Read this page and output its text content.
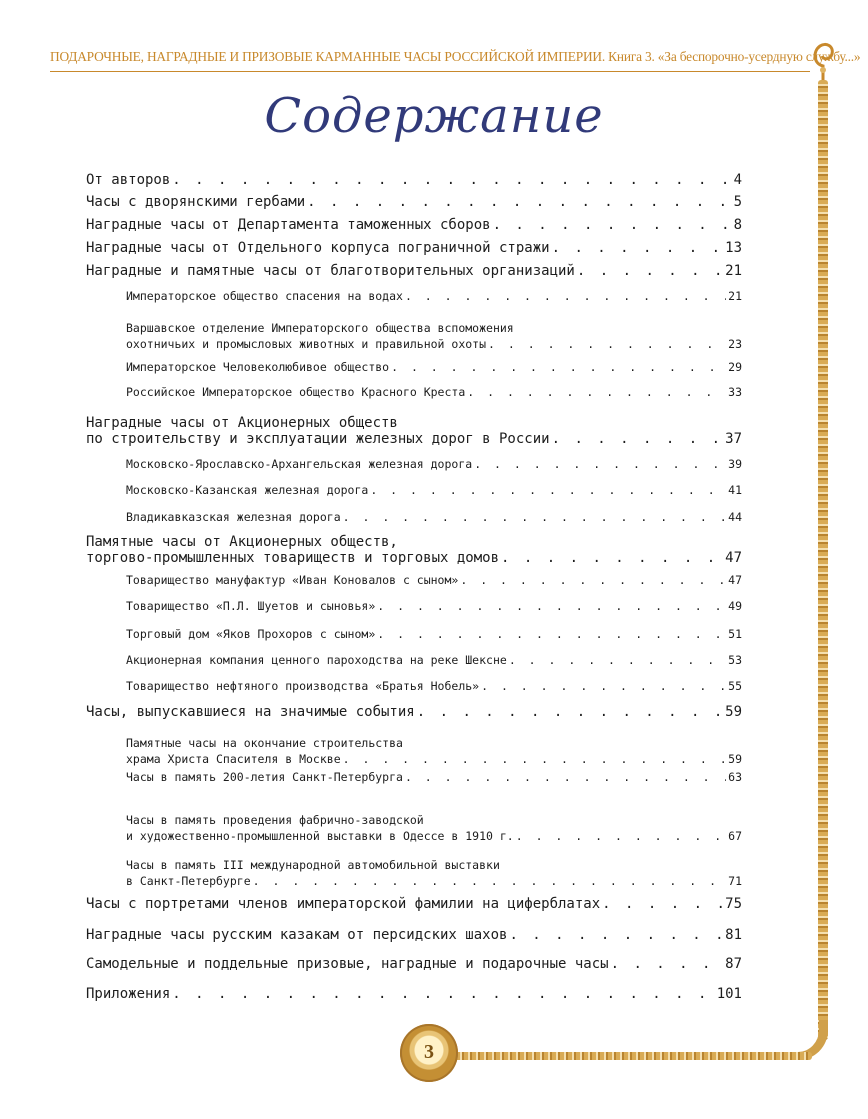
ПОДАРОЧНЫЕ, НАГРАДНЫЕ И ПРИЗОВЫЕ КАРМАННЫЕ ЧАСЫ РОССИЙСКОЙ ИМПЕРИИ. Книга 3. «За беспорочно-усердную службу...»
Содержание
От авторов . . .	4
Часы с дворянскими гербами . . .	5
Наградные часы от Департамента таможенных сборов . . .	8
Наградные часы от Отдельного корпуса пограничной стражи . . .	13
Наградные и памятные часы от благотворительных организаций . . .	21
Императорское общество спасения на водах . . .	21
Варшавское отделение Императорского общества вспоможения
охотничьих и промысловых животных и правильной охоты . . .	23
Императорское Человеколюбивое общество . . .	29
Российское Императорское общество Красного Креста . . .	33
Наградные часы от Акционерных обществ
по строительству и эксплуатации железных дорог в России . . .	37
Московско-Ярославско-Архангельская железная дорога . . .	39
Московско-Казанская железная дорога . . .	41
Владикавказская железная дорога . . .	44
Памятные часы от Акционерных обществ,
торгово-промышленных товариществ и торговых домов . . .	47
Товарищество мануфактур «Иван Коновалов с сыном» . . .	47
Товарищество «П.Л. Шуетов и сыновья» . . .	49
Торговый дом «Яков Прохоров с сыном» . . .	51
Акционерная компания ценного пароходства на реке Шексне . . .	53
Товарищество нефтяного производства «Братья Нобель» . . .	55
Часы, выпускавшиеся на значимые события . . .	59
Памятные часы на окончание строительства
храма Христа Спасителя в Москве . . .	59
Часы в память 200-летия Санкт-Петербурга . . .	63
Часы в память проведения фабрично-заводской
и художественно-промышленной выставки в Одессе в 1910 г. . . .	67
Часы в память III международной автомобильной выставки
в Санкт-Петербурге . . .	71
Часы с портретами членов императорской фамилии на циферблатах . . .	75
Наградные часы русским казакам от персидских шахов . . .	81
Самодельные и поддельные призовые, наградные и подарочные часы . . .	87
Приложения . . .	101
3
